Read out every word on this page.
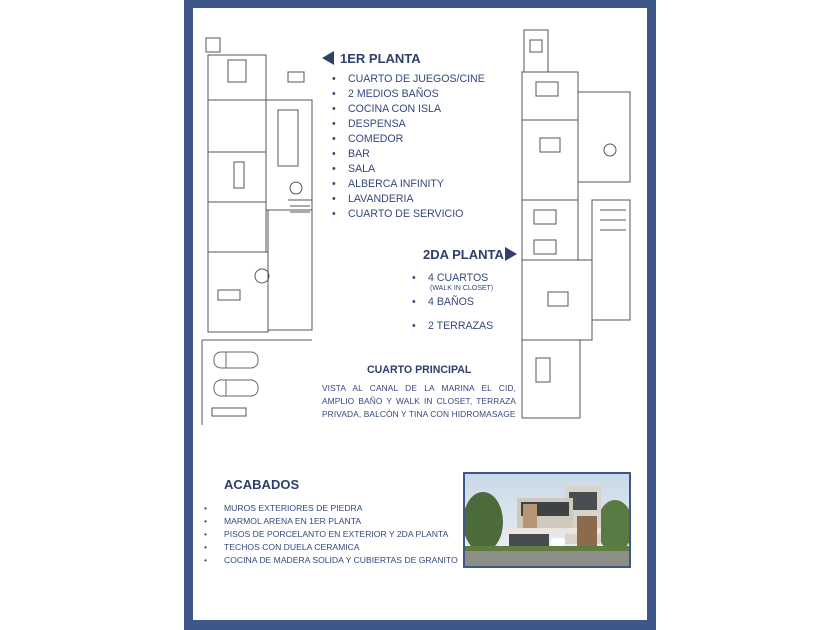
1ER PLANTA
• CUARTO DE JUEGOS/CINE
• 2 MEDIOS BAÑOS
• COCINA CON ISLA
• DESPENSA
• COMEDOR
• BAR
• SALA
• ALBERCA INFINITY
• LAVANDERIA
• CUARTO DE SERVICIO
2DA PLANTA
• 4 CUARTOS
(WALK IN CLOSET)
• 4 BAÑOS
• 2 TERRAZAS
CUARTO PRINCIPAL
VISTA AL CANAL DE LA MARINA EL CID, AMPLIO BAÑO Y WALK IN CLOSET, TERRAZA PRIVADA, BALCÓN Y TINA CON HIDROMASAGE
ACABADOS
• MUROS EXTERIORES DE PIEDRA
• MARMOL ARENA EN 1ER PLANTA
• PISOS DE PORCELANTO EN EXTERIOR Y 2DA PLANTA
• TECHOS CON DUELA CERAMICA
• COCINA DE MADERA SOLIDA Y CUBIERTAS DE GRANITO
